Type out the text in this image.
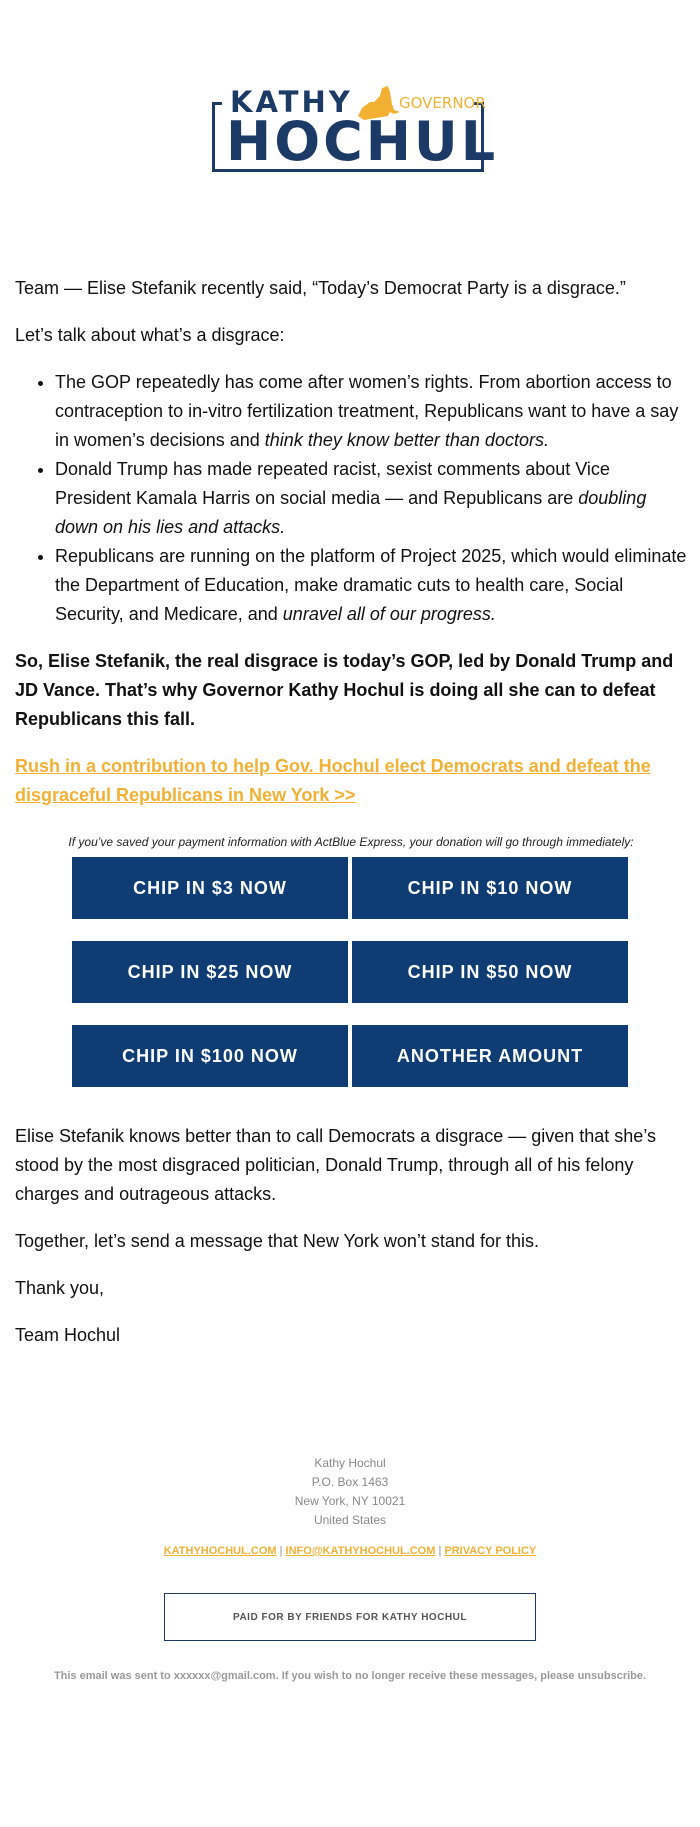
KATHY	GOVERNOR
HOCHUL

Team — Elise Stefanik recently said, “Today’s Democrat Party is a disgrace.”

Let’s talk about what’s a disgrace:

• The GOP repeatedly has come after women’s rights. From abortion access to contraception to in-vitro fertilization treatment, Republicans want to have a say in women’s decisions and think they know better than doctors.
• Donald Trump has made repeated racist, sexist comments about Vice President Kamala Harris on social media — and Republicans are doubling down on his lies and attacks.
• Republicans are running on the platform of Project 2025, which would eliminate the Department of Education, make dramatic cuts to health care, Social Security, and Medicare, and unravel all of our progress.

So, Elise Stefanik, the real disgrace is today’s GOP, led by Donald Trump and JD Vance. That’s why Governor Kathy Hochul is doing all she can to defeat Republicans this fall.

Rush in a contribution to help Gov. Hochul elect Democrats and defeat the disgraceful Republicans in New York >>

If you’ve saved your payment information with ActBlue Express, your donation will go through immediately:
CHIP IN $3 NOW	CHIP IN $10 NOW
CHIP IN $25 NOW	CHIP IN $50 NOW
CHIP IN $100 NOW	ANOTHER AMOUNT

Elise Stefanik knows better than to call Democrats a disgrace — given that she’s stood by the most disgraced politician, Donald Trump, through all of his felony charges and outrageous attacks.

Together, let’s send a message that New York won’t stand for this.

Thank you,

Team Hochul

Kathy Hochul
P.O. Box 1463
New York, NY 10021
United States
KATHYHOCHUL.COM | INFO@KATHYHOCHUL.COM | PRIVACY POLICY
PAID FOR BY FRIENDS FOR KATHY HOCHUL
This email was sent to xxxxxx@gmail.com. If you wish to no longer receive these messages, please unsubscribe.
